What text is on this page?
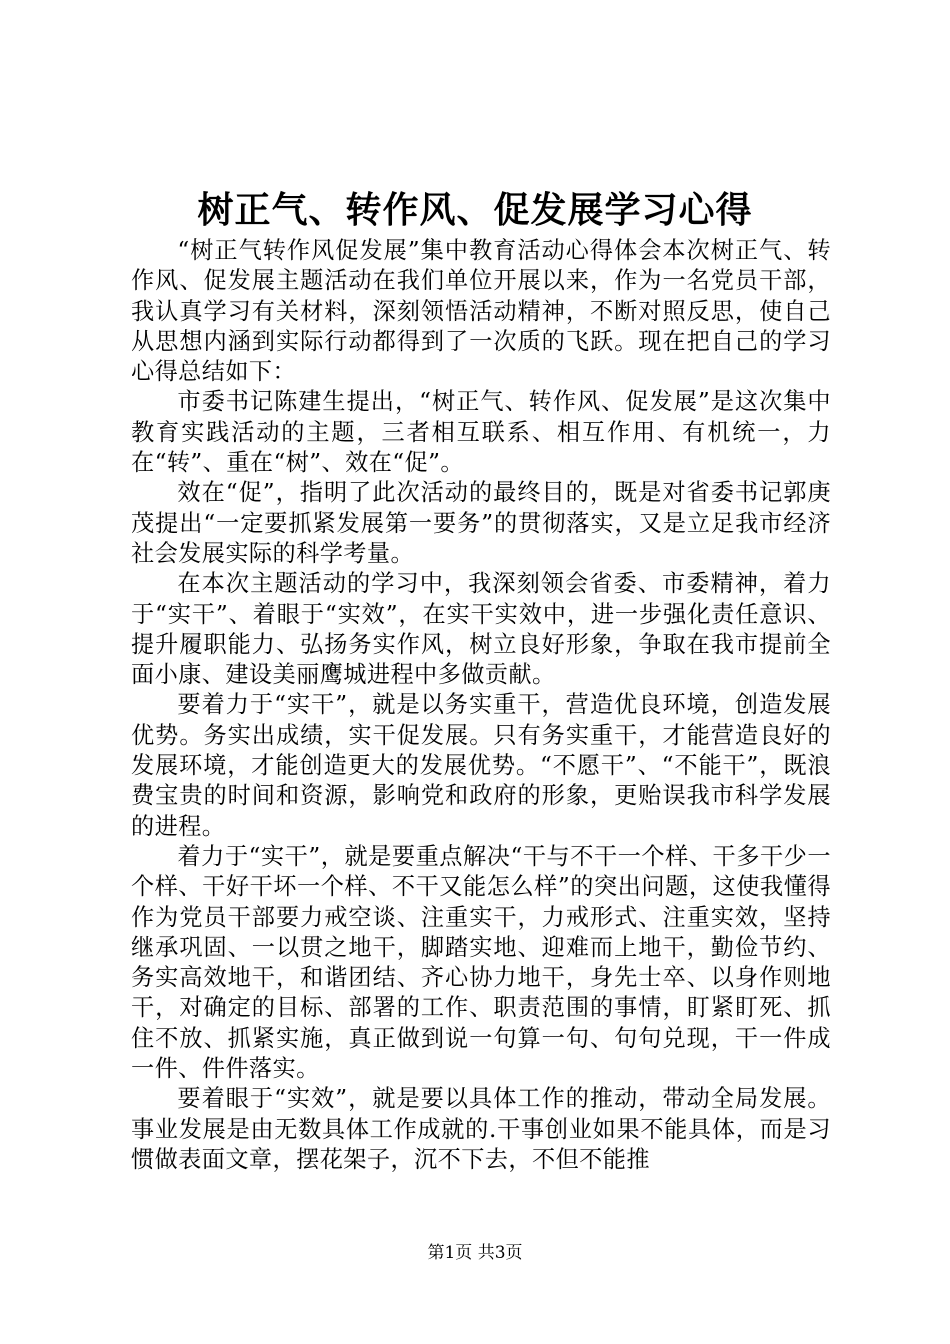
树正气、转作风、促发展学习心得

“树正气转作风促发展”集中教育活动心得体会本次树正气、转作风、促发展主题活动在我们单位开展以来，作为一名党员干部，我认真学习有关材料，深刻领悟活动精神，不断对照反思，使自己从思想内涵到实际行动都得到了一次质的飞跃。现在把自己的学习心得总结如下：

市委书记陈建生提出，“树正气、转作风、促发展”是这次集中教育实践活动的主题，三者相互联系、相互作用、有机统一，力在“转”、重在“树”、效在“促”。

效在“促”，指明了此次活动的最终目的，既是对省委书记郭庚茂提出“一定要抓紧发展第一要务”的贯彻落实，又是立足我市经济社会发展实际的科学考量。

在本次主题活动的学习中，我深刻领会省委、市委精神，着力于“实干”、着眼于“实效”，在实干实效中，进一步强化责任意识、提升履职能力、弘扬务实作风，树立良好形象，争取在我市提前全面小康、建设美丽鹰城进程中多做贡献。

要着力于“实干”，就是以务实重干，营造优良环境，创造发展优势。务实出成绩，实干促发展。只有务实重干，才能营造良好的发展环境，才能创造更大的发展优势。“不愿干”、“不能干”，既浪费宝贵的时间和资源，影响党和政府的形象，更贻误我市科学发展的进程。

着力于“实干”，就是要重点解决“干与不干一个样、干多干少一个样、干好干坏一个样、不干又能怎么样”的突出问题，这使我懂得作为党员干部要力戒空谈、注重实干，力戒形式、注重实效，坚持继承巩固、一以贯之地干，脚踏实地、迎难而上地干，勤俭节约、务实高效地干，和谐团结、齐心协力地干，身先士卒、以身作则地干，对确定的目标、部署的工作、职责范围的事情，盯紧盯死、抓住不放、抓紧实施，真正做到说一句算一句、句句兑现，干一件成一件、件件落实。

要着眼于“实效”，就是要以具体工作的推动，带动全局发展。事业发展是由无数具体工作成就的.干事创业如果不能具体，而是习惯做表面文章，摆花架子，沉不下去，不但不能推

第1页 共3页
